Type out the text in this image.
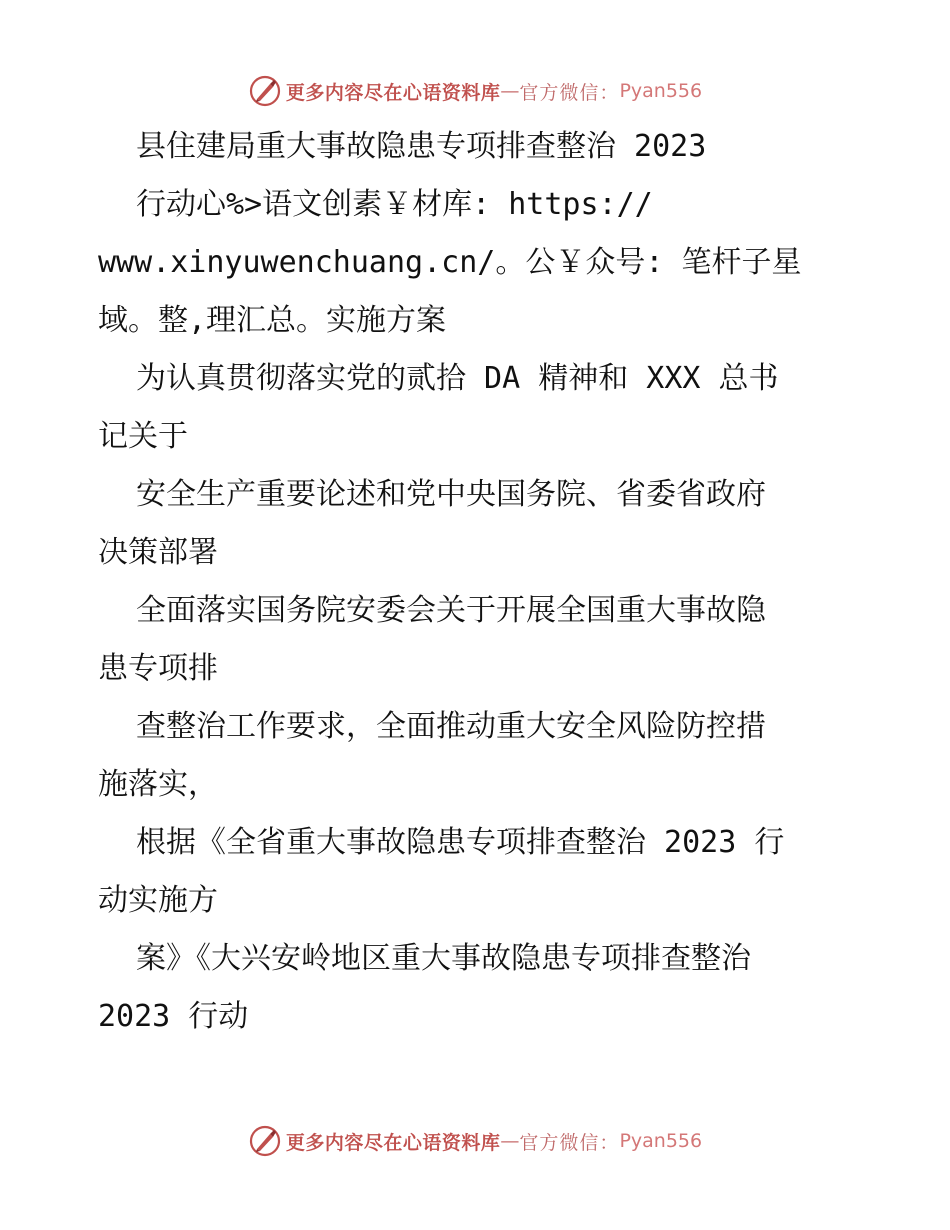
更多内容尽在心语资料库 — 官方微信： Pyan556
县住建局重大事故隐患专项排查整治 2023
行动心%>语文创素￥材库: https://
www.xinyuwenchuang.cn/。公￥众号: 笔杆子星
域。整,理汇总。实施方案
为认真贯彻落实党的贰拾 DA 精神和 XXX 总书
记关于
安全生产重要论述和党中央国务院、省委省政府
决策部署
全面落实国务院安委会关于开展全国重大事故隐
患专项排
查整治工作要求，全面推动重大安全风险防控措
施落实，
根据《全省重大事故隐患专项排查整治 2023 行
动实施方
案》《大兴安岭地区重大事故隐患专项排查整治
2023 行动
更多内容尽在心语资料库 — 官方微信： Pyan556
